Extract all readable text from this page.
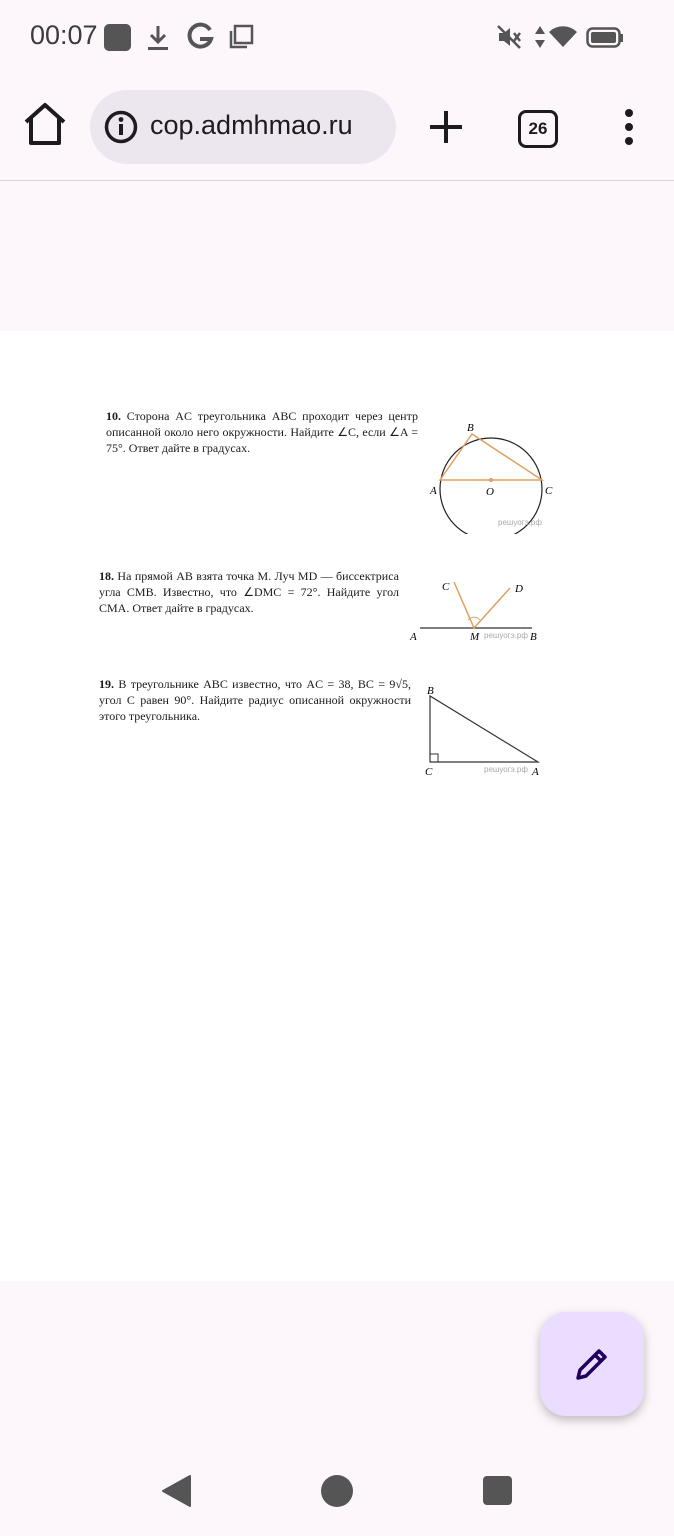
00:07
cop.admhmao.ru	26
10. Сторона AC треугольника ABC проходит через центр описанной около него окружности. Найдите ∠C, если ∠A = 75°. Ответ дайте в градусах.
B
A	O	C
решуогэ.рф
18. На прямой AB взята точка M. Луч MD — биссектриса угла CMB. Известно, что ∠DMC = 72°. Найдите угол CMA. Ответ дайте в градусах.
C	D
A	M	B
решуогэ.рф
19. В треугольнике ABC известно, что AC = 38, BC = 9√5, угол C равен 90°. Найдите радиус описанной окружности этого треугольника.
B
C	A
решуогэ.рф
